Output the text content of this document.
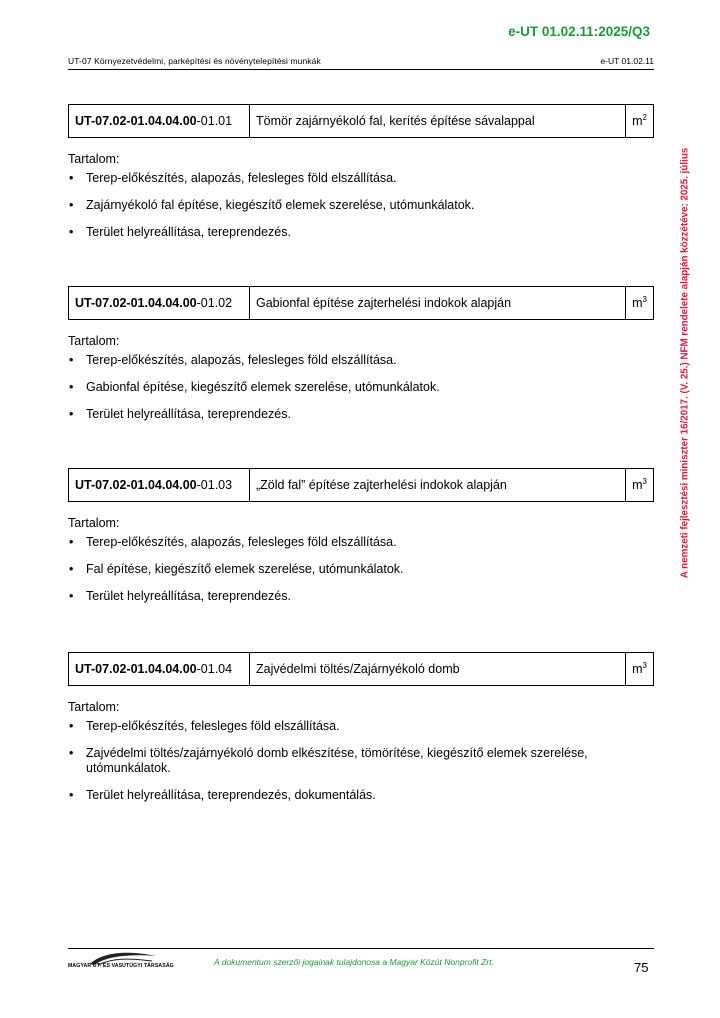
e-UT 01.02.11:2025/Q3
UT-07 Környezetvédelmi, parképítési és növénytelepítési munkák	e-UT 01.02.11
A nemzeti fejlesztési miniszter 16/2017. (V. 25.) NFM rendelete alapján közzétéve: 2025. július
UT-07.02-01.04.04.00-01.01	Tömör zajárnyékoló fal, kerítés építése sávalappal	$m^2$
Tartalom:
• Terep-előkészítés, alapozás, felesleges föld elszállítása.
• Zajárnyékoló fal építése, kiegészítő elemek szerelése, utómunkálatok.
• Terület helyreállítása, tereprendezés.
UT-07.02-01.04.04.00-01.02	Gabionfal építése zajterhelési indokok alapján	$m^3$
Tartalom:
• Terep-előkészítés, alapozás, felesleges föld elszállítása.
• Gabionfal építése, kiegészítő elemek szerelése, utómunkálatok.
• Terület helyreállítása, tereprendezés.
UT-07.02-01.04.04.00-01.03	„Zöld fal” építése zajterhelési indokok alapján	$m^3$
Tartalom:
• Terep-előkészítés, alapozás, felesleges föld elszállítása.
• Fal építése, kiegészítő elemek szerelése, utómunkálatok.
• Terület helyreállítása, tereprendezés.
UT-07.02-01.04.04.00-01.04	Zajvédelmi töltés/Zajárnyékoló domb	$m^3$
Tartalom:
• Terep-előkészítés, felesleges föld elszállítása.
• Zajvédelmi töltés/zajárnyékoló domb elkészítése, tömörítése, kiegészítő elemek szerelése, utómunkálatok.
• Terület helyreállítása, tereprendezés, dokumentálás.
MAGYAR ÚT- ÉS VASÚTÜGYI TÁRSASÁG	A dokumentum szerzői jogainak tulajdonosa a Magyar Közút Nonprofit Zrt.	75
